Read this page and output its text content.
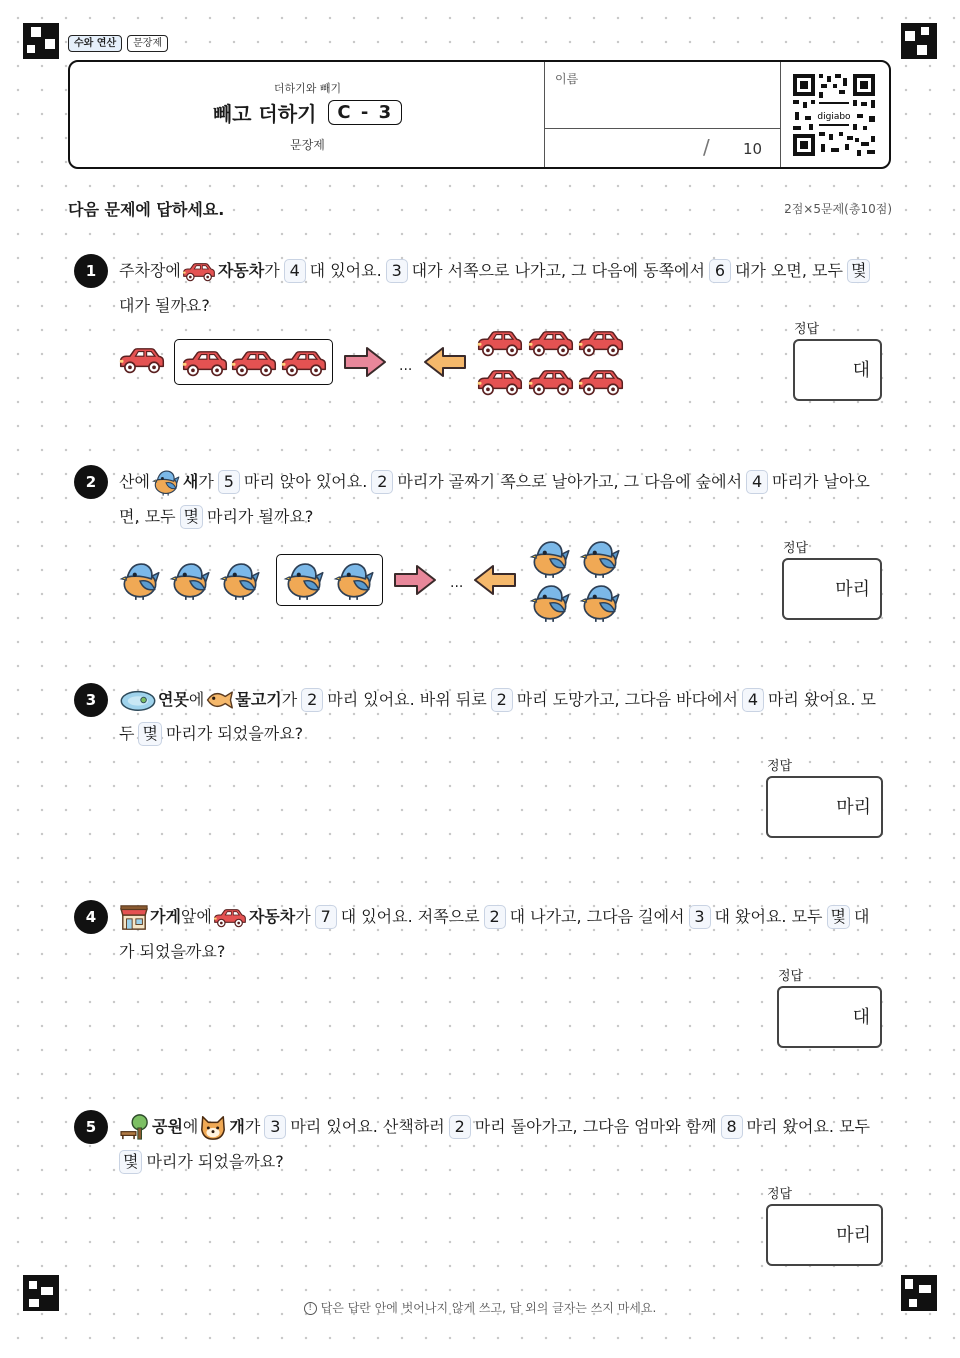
수와 연산	문장제
더하기와 빼기
빼고 더하기	C - 3
문장제
이름
/ 10
digiabo
다음 문제에 답하세요.	2점×5문제(총10점)
1	주차장에 자동차 가 4 대 있어요. 3 대가 서쪽으로 나가고, 그 다음에 동쪽에서 6 대가 오면, 모두 몇
대가 될까요?
...
정답
대
2	산에 새 가 5 마리 앉아 있어요. 2 마리가 골짜기 쪽으로 날아가고, 그 다음에 숲에서 4 마리가 날아오
면, 모두 몇 마리가 될까요?
...
정답
마리
3	연못 에 물고기 가 2 마리 있어요. 바위 뒤로 2 마리 도망가고, 그다음 바다에서 4 마리 왔어요. 모
두 몇 마리가 되었을까요?
정답
마리
4	가게 앞에 자동차 가 7 대 있어요. 저쪽으로 2 대 나가고, 그다음 길에서 3 대 왔어요. 모두 몇 대
가 되었을까요?
정답
대
5	공원 에 개 가 3 마리 있어요. 산책하러 2 마리 돌아가고, 그다음 엄마와 함께 8 마리 왔어요. 모두
몇 마리가 되었을까요?
정답
마리
! 답은 답란 안에 벗어나지 않게 쓰고, 답 외의 글자는 쓰지 마세요.
